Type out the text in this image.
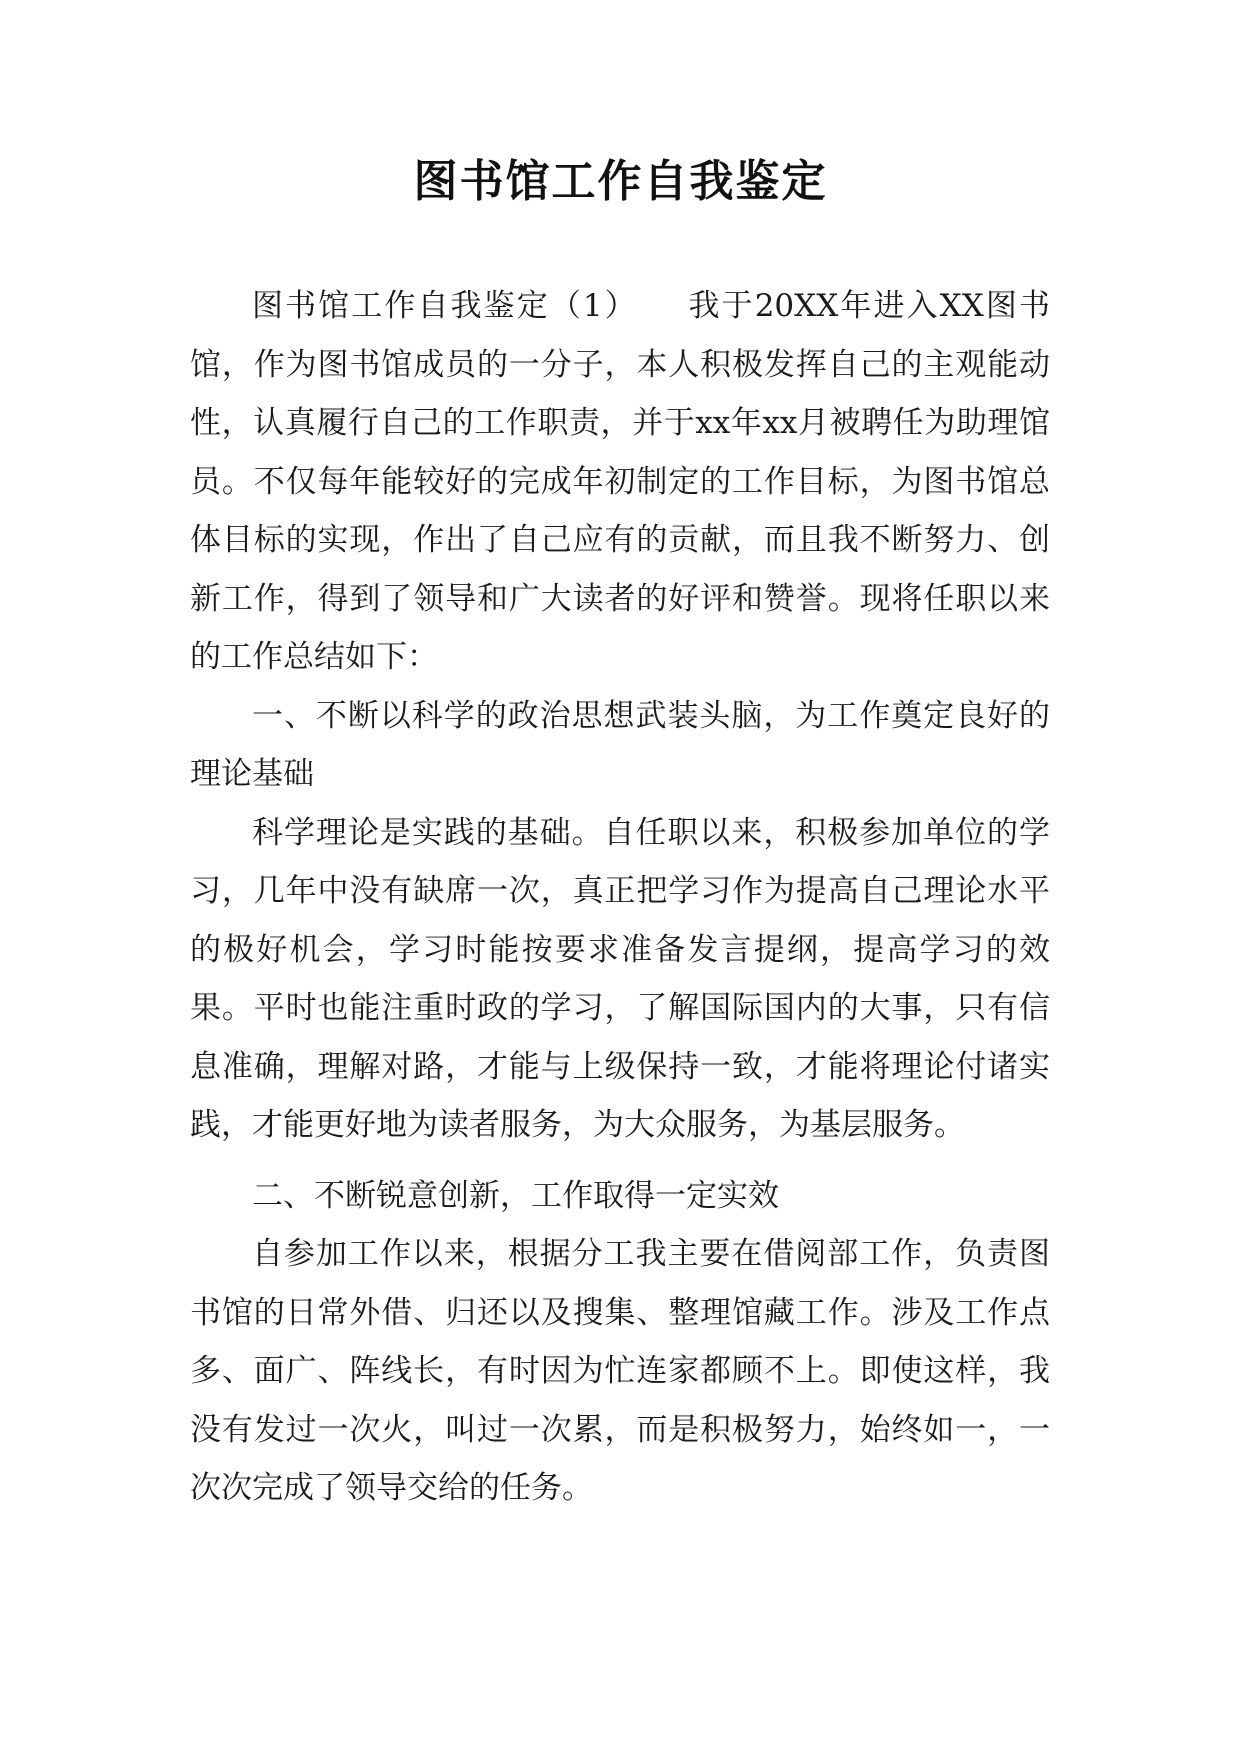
图书馆工作自我鉴定

图书馆工作自我鉴定（1）　　我于20XX年进入XX图书馆，作为图书馆成员的一分子，本人积极发挥自己的主观能动性，认真履行自己的工作职责，并于xx年xx月被聘任为助理馆员。不仅每年能较好的完成年初制定的工作目标，为图书馆总体目标的实现，作出了自己应有的贡献，而且我不断努力、创新工作，得到了领导和广大读者的好评和赞誉。现将任职以来的工作总结如下：

一、不断以科学的政治思想武装头脑，为工作奠定良好的理论基础

科学理论是实践的基础。自任职以来，积极参加单位的学习，几年中没有缺席一次，真正把学习作为提高自己理论水平的极好机会，学习时能按要求准备发言提纲，提高学习的效果。平时也能注重时政的学习，了解国际国内的大事，只有信息准确，理解对路，才能与上级保持一致，才能将理论付诸实践，才能更好地为读者服务，为大众服务，为基层服务。

二、不断锐意创新，工作取得一定实效

自参加工作以来，根据分工我主要在借阅部工作，负责图书馆的日常外借、归还以及搜集、整理馆藏工作。涉及工作点多、面广、阵线长，有时因为忙连家都顾不上。即使这样，我没有发过一次火，叫过一次累，而是积极努力，始终如一，一次次完成了领导交给的任务。
